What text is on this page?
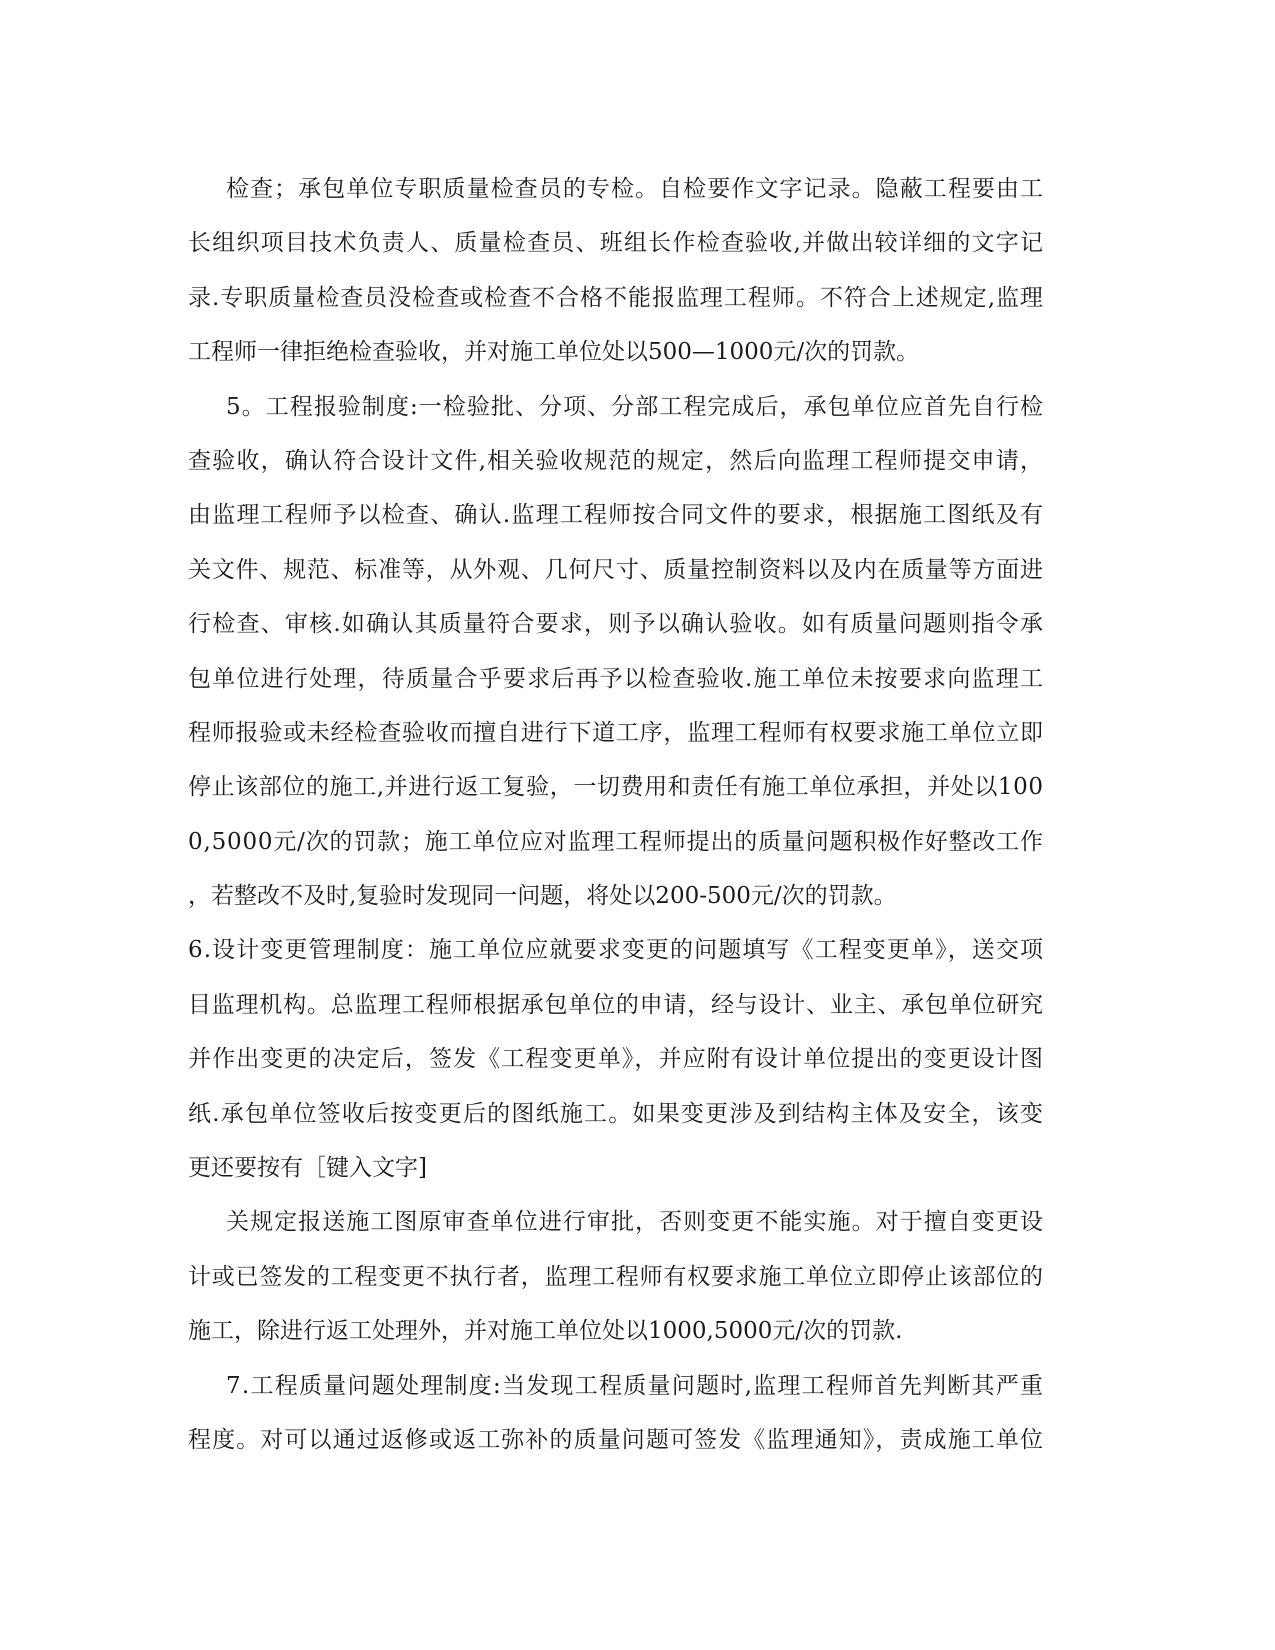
检查；承包单位专职质量检查员的专检。自检要作文字记录。隐蔽工程要由工
长组织项目技术负责人、质量检查员、班组长作检查验收,并做出较详细的文字记
录.专职质量检查员没检查或检查不合格不能报监理工程师。不符合上述规定,监理
工程师一律拒绝检查验收，并对施工单位处以500—1000元/次的罚款。
5。工程报验制度:一检验批、分项、分部工程完成后，承包单位应首先自行检
查验收，确认符合设计文件,相关验收规范的规定，然后向监理工程师提交申请，
由监理工程师予以检查、确认.监理工程师按合同文件的要求，根据施工图纸及有
关文件、规范、标准等，从外观、几何尺寸、质量控制资料以及内在质量等方面进
行检查、审核.如确认其质量符合要求，则予以确认验收。如有质量问题则指令承
包单位进行处理，待质量合乎要求后再予以检查验收.施工单位未按要求向监理工
程师报验或未经检查验收而擅自进行下道工序，监理工程师有权要求施工单位立即
停止该部位的施工,并进行返工复验，一切费用和责任有施工单位承担，并处以100
0,5000元/次的罚款；施工单位应对监理工程师提出的质量问题积极作好整改工作
，若整改不及时,复验时发现同一问题，将处以200-500元/次的罚款。
6.设计变更管理制度：施工单位应就要求变更的问题填写《工程变更单》，送交项
目监理机构。总监理工程师根据承包单位的申请，经与设计、业主、承包单位研究
并作出变更的决定后，签发《工程变更单》，并应附有设计单位提出的变更设计图
纸.承包单位签收后按变更后的图纸施工。如果变更涉及到结构主体及安全，该变
更还要按有［键入文字]
关规定报送施工图原审查单位进行审批，否则变更不能实施。对于擅自变更设
计或已签发的工程变更不执行者，监理工程师有权要求施工单位立即停止该部位的
施工，除进行返工处理外，并对施工单位处以1000,5000元/次的罚款.
7.工程质量问题处理制度:当发现工程质量问题时,监理工程师首先判断其严重
程度。对可以通过返修或返工弥补的质量问题可签发《监理通知》，责成施工单位
